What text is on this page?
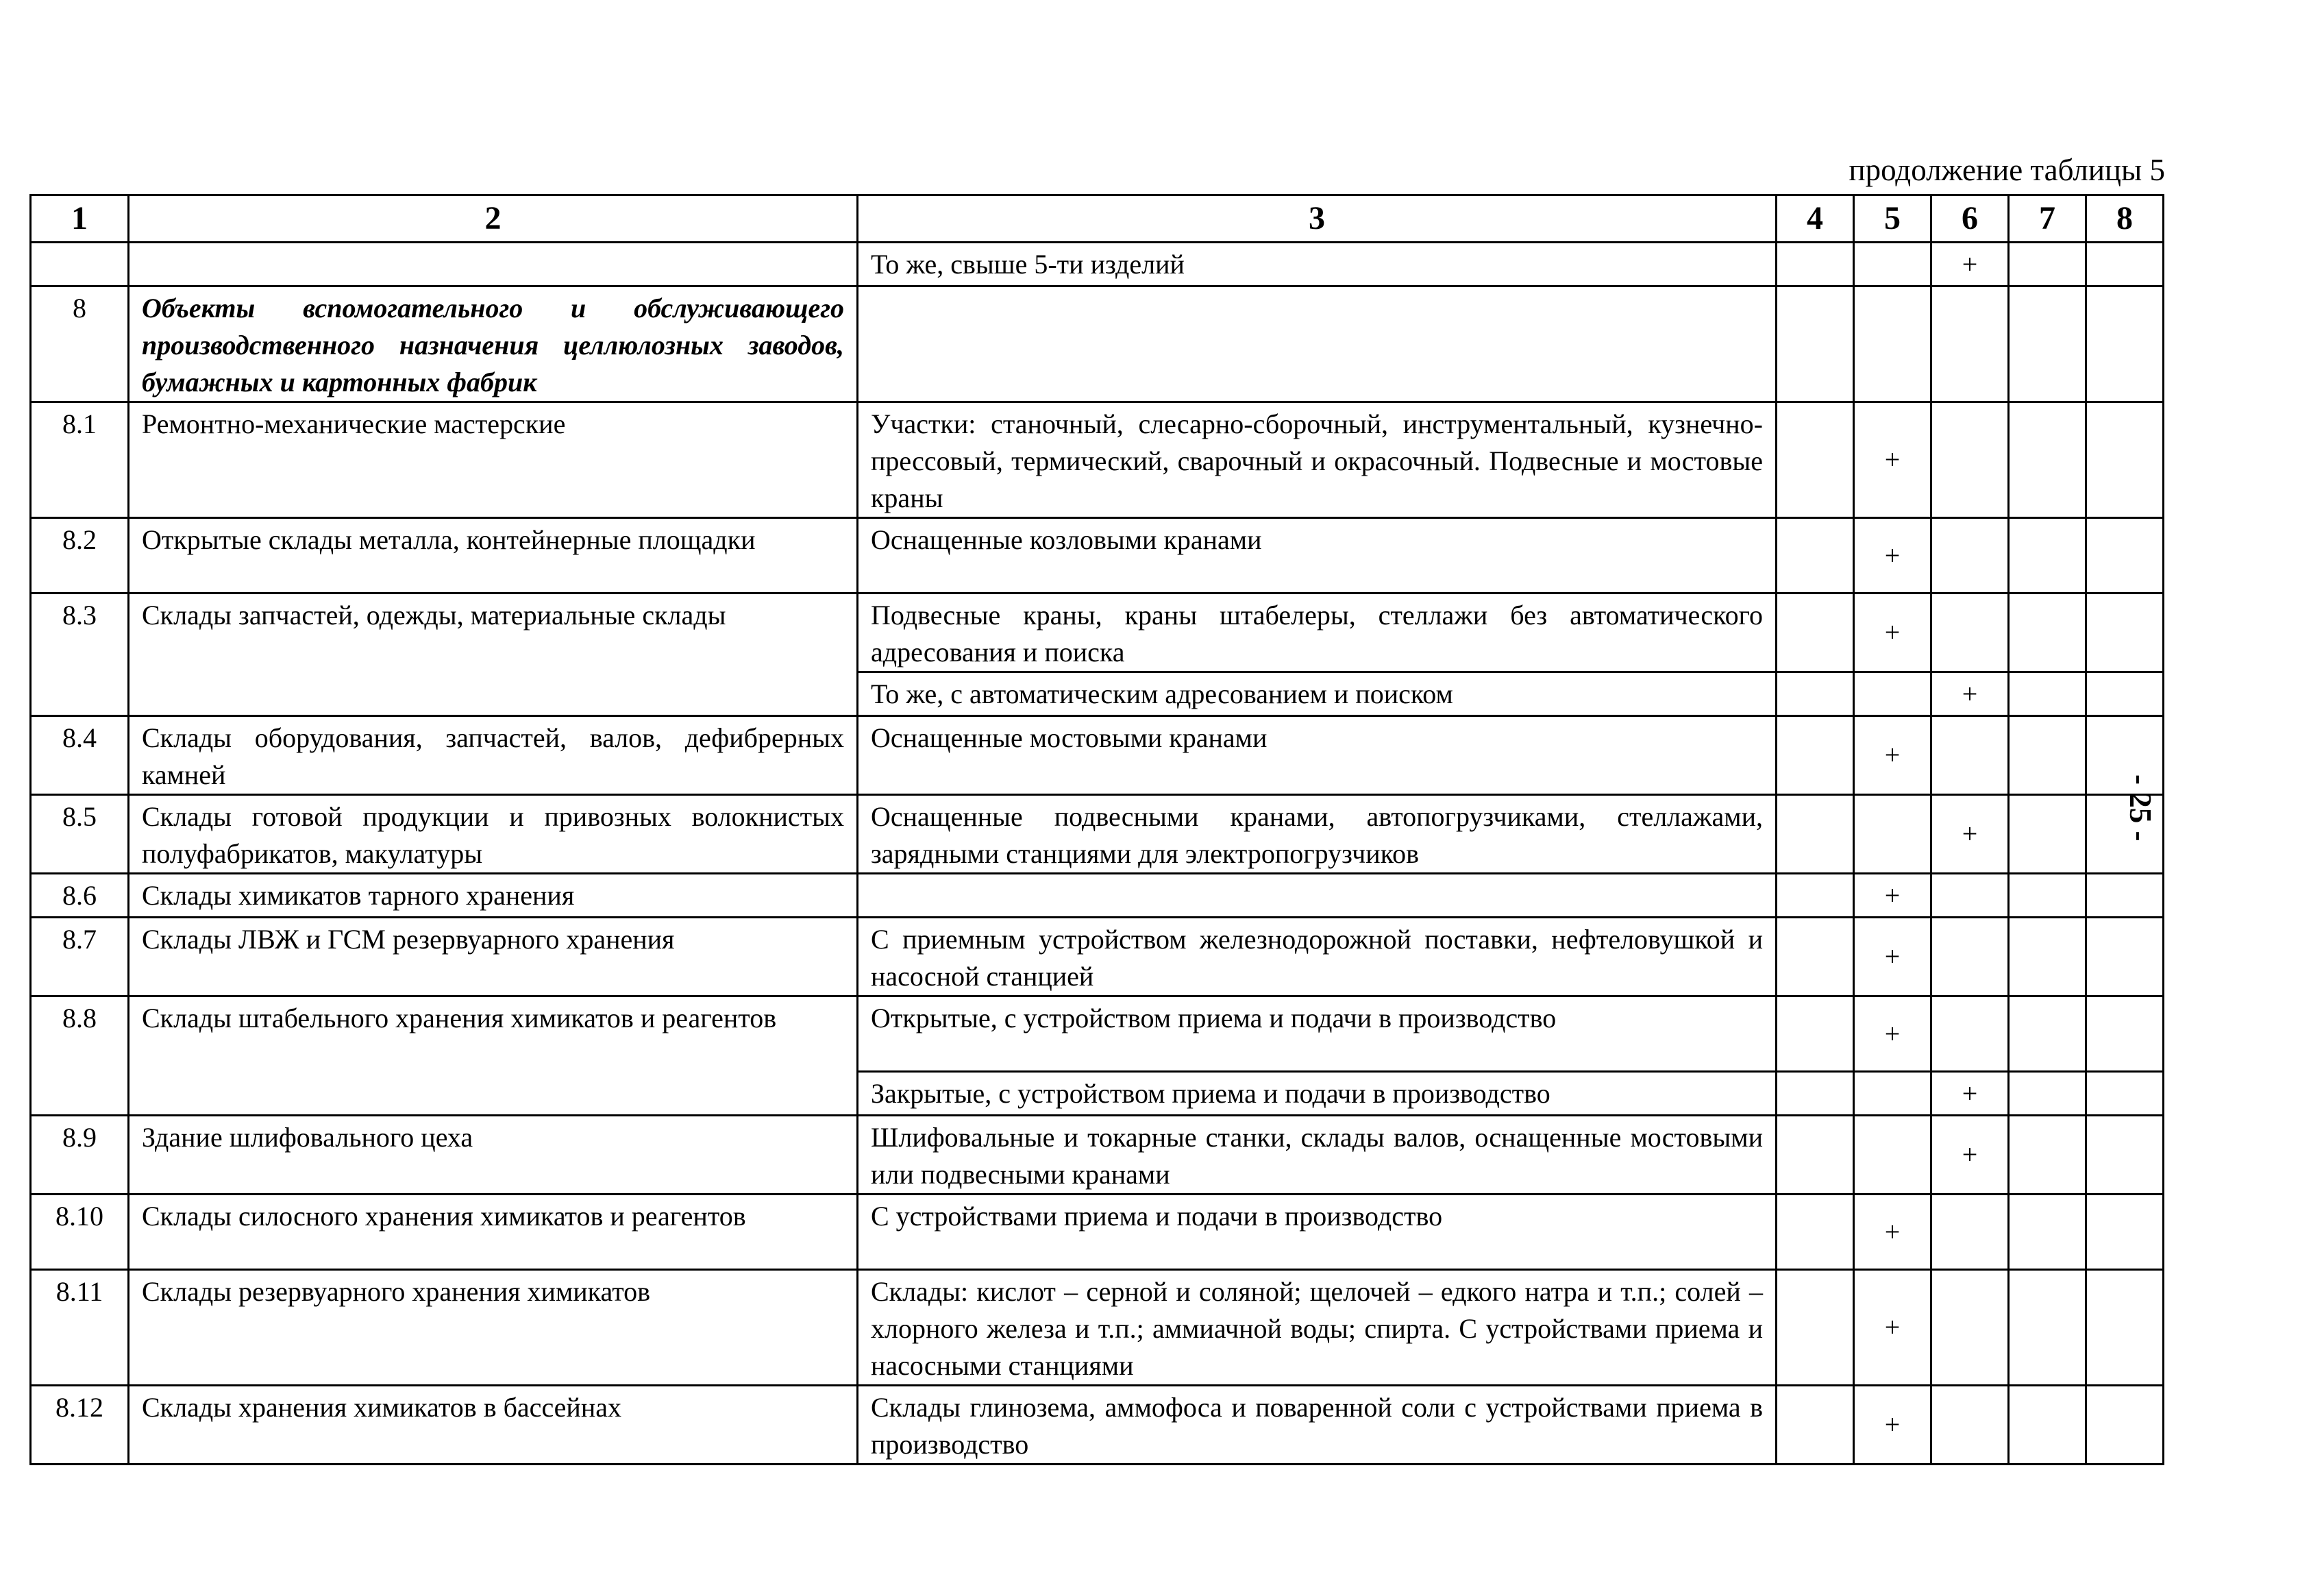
продолжение таблицы 5
- 25 -
1	2	3	4	5	6	7	8
		То же, свыше 5-ти изделий			+		
8	Объекты вспомогательного и обслуживающего производственного назначения целлюлозных заводов, бумажных и картонных фабрик						
8.1	Ремонтно-механические мастерские	Участки: станочный, слесарно-сборочный, инструментальный, кузнечно-прессовый, термический, сварочный и окрасочный. Подвесные и мостовые краны		+			
8.2	Открытые склады металла, контейнерные площадки	Оснащенные козловыми кранами		+			
8.3	Склады запчастей, одежды, материальные склады	Подвесные краны, краны штабелеры, стеллажи без автоматического адресования и поиска		+			
		То же, с автоматическим адресованием и поиском			+		
8.4	Склады оборудования, запчастей, валов, дефибрерных камней	Оснащенные мостовыми кранами		+			
8.5	Склады готовой продукции и привозных волокнистых полуфабрикатов, макулатуры	Оснащенные подвесными кранами, автопогрузчиками, стеллажами, зарядными станциями для электропогрузчиков			+		
8.6	Склады химикатов тарного хранения			+			
8.7	Склады ЛВЖ и ГСМ резервуарного хранения	С приемным устройством железнодорожной поставки, нефтеловушкой и насосной станцией		+			
8.8	Склады штабельного хранения химикатов и реагентов	Открытые, с устройством приема и подачи в производство		+			
		Закрытые, с устройством приема и подачи в производство			+		
8.9	Здание шлифовального цеха	Шлифовальные и токарные станки, склады валов, оснащенные мостовыми или подвесными кранами			+		
8.10	Склады силосного хранения химикатов и реагентов	С устройствами приема и подачи в производство		+			
8.11	Склады резервуарного хранения химикатов	Склады: кислот – серной и соляной; щелочей – едкого натра и т.п.; солей – хлорного железа и т.п.; аммиачной воды; спирта. С устройствами приема и насосными станциями		+			
8.12	Склады хранения химикатов в бассейнах	Склады глинозема, аммофоса и поваренной соли с устройствами приема в производство		+			
